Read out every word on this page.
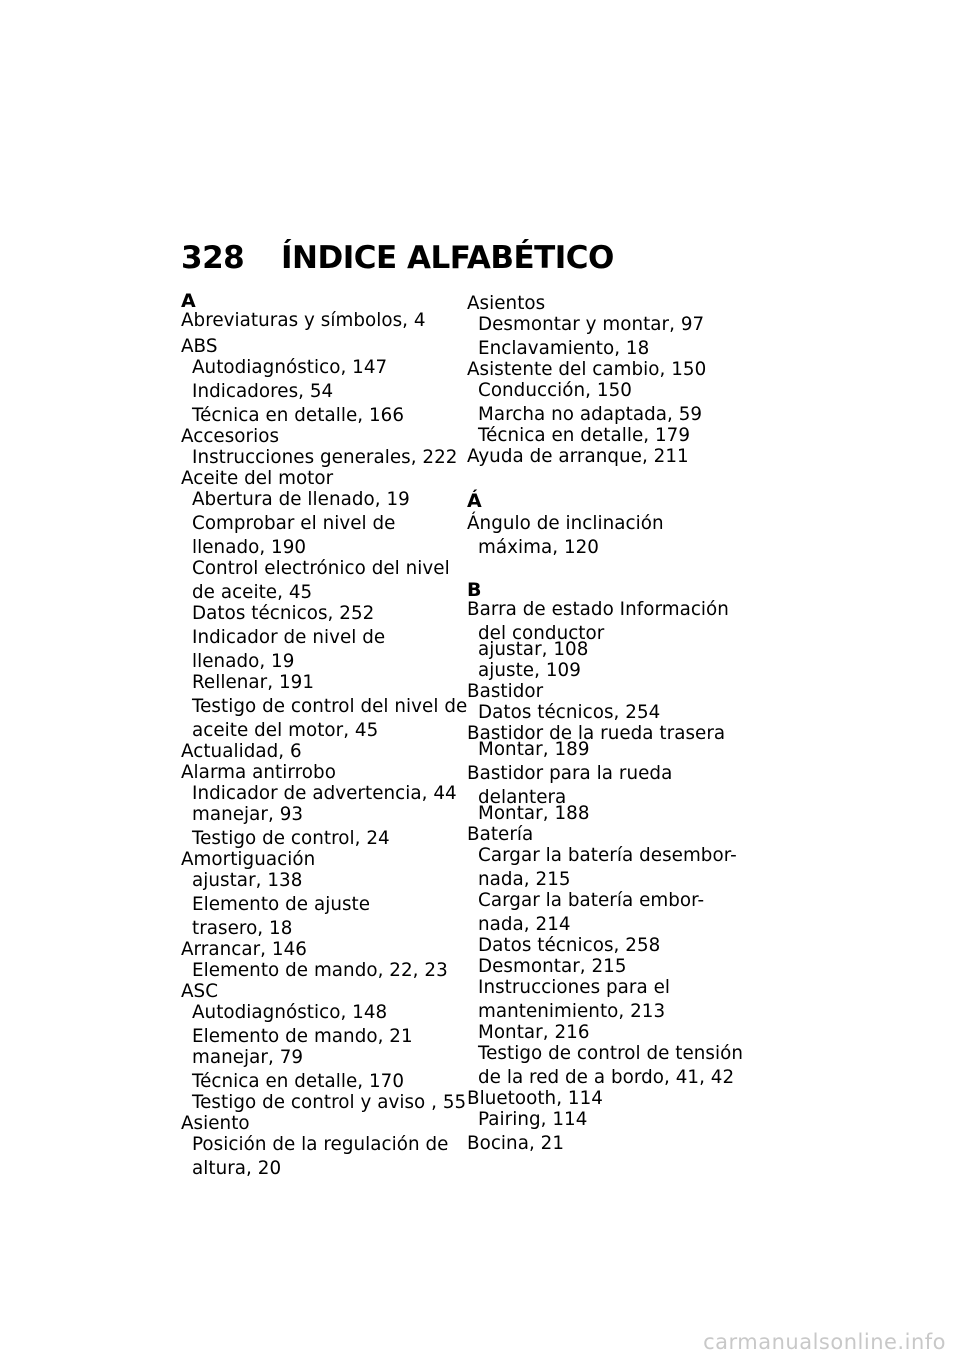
328 ÍNDICE ALFABÉTICO
A
Abreviaturas y símbolos, 4
ABS
Autodiagnóstico, 147
Indicadores, 54
Técnica en detalle, 166
Accesorios
Instrucciones generales, 222
Aceite del motor
Abertura de llenado, 19
Comprobar el nivel de
llenado, 190
Control electrónico del nivel
de aceite, 45
Datos técnicos, 252
Indicador de nivel de
llenado, 19
Rellenar, 191
Testigo de control del nivel de
aceite del motor, 45
Actualidad, 6
Alarma antirrobo
Indicador de advertencia, 44
manejar, 93
Testigo de control, 24
Amortiguación
ajustar, 138
Elemento de ajuste
trasero, 18
Arrancar, 146
Elemento de mando, 22, 23
ASC
Autodiagnóstico, 148
Elemento de mando, 21
manejar, 79
Técnica en detalle, 170
Testigo de control y aviso , 55
Asiento
Posición de la regulación de
altura, 20
Asientos
Desmontar y montar, 97
Enclavamiento, 18
Asistente del cambio, 150
Conducción, 150
Marcha no adaptada, 59
Técnica en detalle, 179
Ayuda de arranque, 211
Á
Ángulo de inclinación
máxima, 120
B
Barra de estado Información
del conductor
ajustar, 108
ajuste, 109
Bastidor
Datos técnicos, 254
Bastidor de la rueda trasera
Montar, 189
Bastidor para la rueda
delantera
Montar, 188
Batería
Cargar la batería desembor-
nada, 215
Cargar la batería embor-
nada, 214
Datos técnicos, 258
Desmontar, 215
Instrucciones para el
mantenimiento, 213
Montar, 216
Testigo de control de tensión
de la red de a bordo, 41, 42
Bluetooth, 114
Pairing, 114
Bocina, 21
carmanualsonline.info
